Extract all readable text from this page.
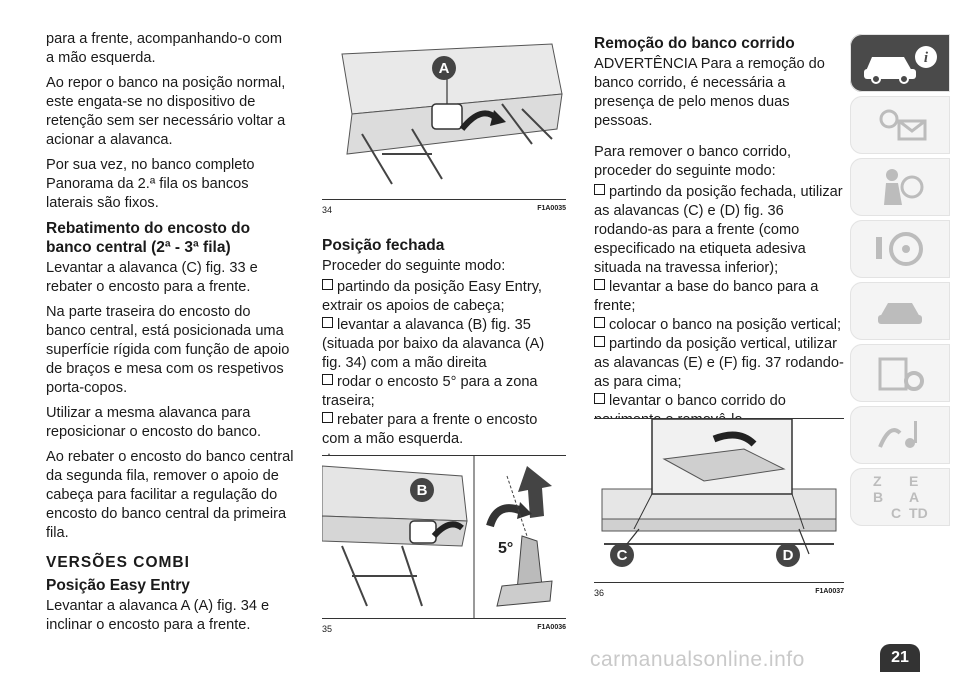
para a frente, acompanhando-o com a mão esquerda.

Ao repor o banco na posição normal, este engata-se no dispositivo de retenção sem ser necessário voltar a acionar a alavanca.

Por sua vez, no banco completo Panorama da 2.ª fila os bancos laterais são fixos.

Rebatimento do encosto do banco central (2ª - 3ª fila)

Levantar a alavanca (C) fig. 33 e rebater o encosto para a frente.

Na parte traseira do encosto do banco central, está posicionada uma superfície rígida com função de apoio de braços e mesa com os respetivos porta-copos.

Utilizar a mesma alavanca para reposicionar o encosto do banco.

Ao rebater o encosto do banco central da segunda fila, remover o apoio de cabeça para facilitar a regulação do encosto do banco central da primeira fila.

VERSÕES COMBI
Posição Easy Entry

Levantar a alavanca A (A) fig. 34 e inclinar o encosto para a frente.

A
34	F1A0035
Posição fechada

Proceder do seguinte modo:

partindo da posição Easy Entry, extrair os apoios de cabeça;

levantar a alavanca (B) fig. 35 (situada por baixo da alavanca (A) fig. 34) com a mão direita

rodar o encosto 5° para a zona traseira;

rebater para a frente o encosto com a mão esquerda.

B
5°
35	F1A0036
Remoção do banco corrido

ADVERTÊNCIA Para a remoção do banco corrido, é necessária a presença de pelo menos duas pessoas.

Para remover o banco corrido, proceder do seguinte modo:

partindo da posição fechada, utilizar as alavancas (C) e (D) fig. 36 rodando-as para a frente (como especificado na etiqueta adesiva situada na travessa inferior);

levantar a base do banco para a frente;

colocar o banco na posição vertical;

partindo da posição vertical, utilizar as alavancas (E) e (F) fig. 37 rodando-as para cima;

levantar o banco corrido do

C	D
36	F1A0037
i
Z	E
B	A
C TD
21
carmanualsonline.info
